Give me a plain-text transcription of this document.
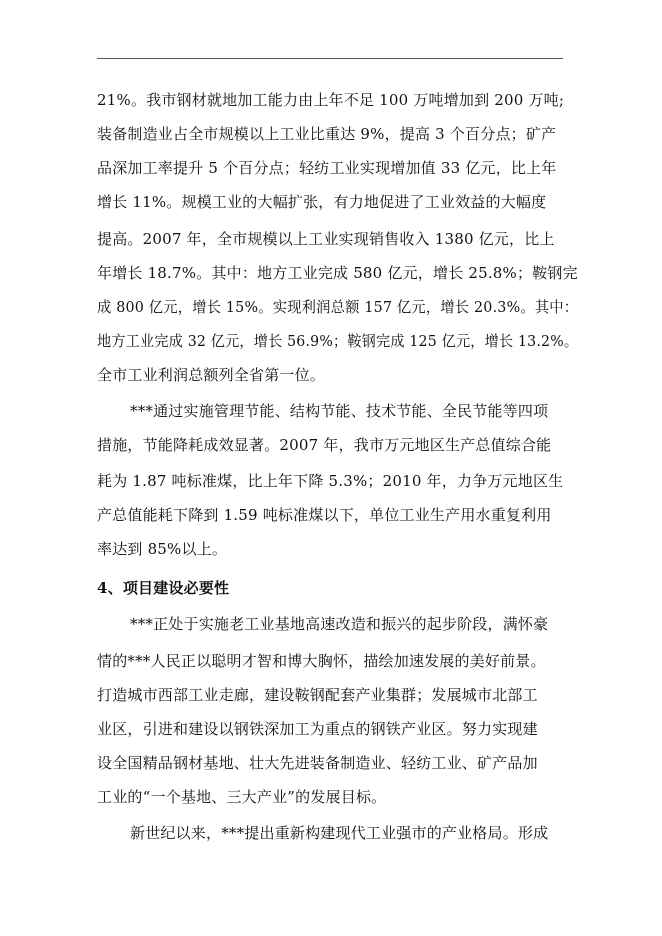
21%。我市钢材就地加工能力由上年不足 100 万吨增加到 200 万吨;
装备制造业占全市规模以上工业比重达 9%，提高 3 个百分点；矿产
品深加工率提升 5 个百分点；轻纺工业实现增加值 33 亿元，比上年
增长 11%。规模工业的大幅扩张，有力地促进了工业效益的大幅度
提高。2007 年，全市规模以上工业实现销售收入 1380 亿元，比上
年增长 18.7%。其中：地方工业完成 580 亿元，增长 25.8%；鞍钢完
成 800 亿元，增长 15%。实现利润总额 157 亿元，增长 20.3%。其中：
地方工业完成 32 亿元，增长 56.9%；鞍钢完成 125 亿元，增长 13.2%。
全市工业利润总额列全省第一位。
***通过实施管理节能、结构节能、技术节能、全民节能等四项
措施，节能降耗成效显著。2007 年，我市万元地区生产总值综合能
耗为 1.87 吨标准煤，比上年下降 5.3%；2010 年，力争万元地区生
产总值能耗下降到 1.59 吨标准煤以下，单位工业生产用水重复利用
率达到 85%以上。
4、项目建设必要性
***正处于实施老工业基地高速改造和振兴的起步阶段，满怀豪
情的***人民正以聪明才智和博大胸怀，描绘加速发展的美好前景。
打造城市西部工业走廊，建设鞍钢配套产业集群；发展城市北部工
业区，引进和建设以钢铁深加工为重点的钢铁产业区。努力实现建
设全国精品钢材基地、壮大先进装备制造业、轻纺工业、矿产品加
工业的“一个基地、三大产业”的发展目标。
新世纪以来，***提出重新构建现代工业强市的产业格局。形成
